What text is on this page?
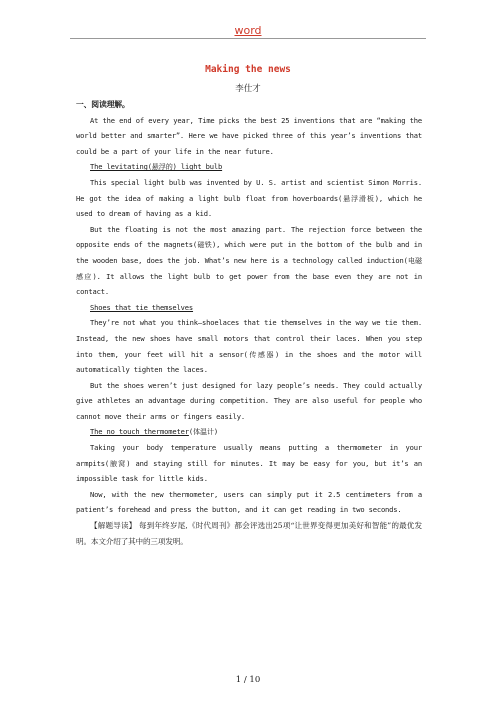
word
Making the news
李仕才

一、阅读理解。

At the end of every year, Time picks the best 25 inventions that are “making the world better and smarter”. Here we have picked three of this year’s inventions that could be a part of your life in the near future.

The levitating(悬浮的) light bulb

This special light bulb was invented by U. S. artist and scientist Simon Morris. He got the idea of making a light bulb float from hoverboards(悬浮滑板), which he used to dream of having as a kid.

But the floating is not the most amazing part. The rejection force between the opposite ends of the magnets(磁铁), which were put in the bottom of the bulb and in the wooden base, does the job. What’s new here is a technology called induction(电磁感应). It allows the light bulb to get power from the base even they are not in contact.

Shoes that tie themselves

They’re not what you think—shoelaces that tie themselves in the way we tie them. Instead, the new shoes have small motors that control their laces. When you step into them, your feet will hit a sensor(传感器) in the shoes and the motor will automatically tighten the laces.

But the shoes weren’t just designed for lazy people’s needs. They could actually give athletes an advantage during competition. They are also useful for people who cannot move their arms or fingers easily.

The no touch thermometer(体温计)

Taking your body temperature usually means putting a thermometer in your armpits(腋窝) and staying still for minutes. It may be easy for you, but it’s an impossible task for little kids.

Now, with the new thermometer, users can simply put it 2.5 centimeters from a patient’s forehead and press the button, and it can get reading in two seconds.

【解题导读】 每到年终岁尾,《时代周刊》都会评选出25项“让世界变得更加美好和智能”的最优发明。本文介绍了其中的三项发明。

1 / 10
